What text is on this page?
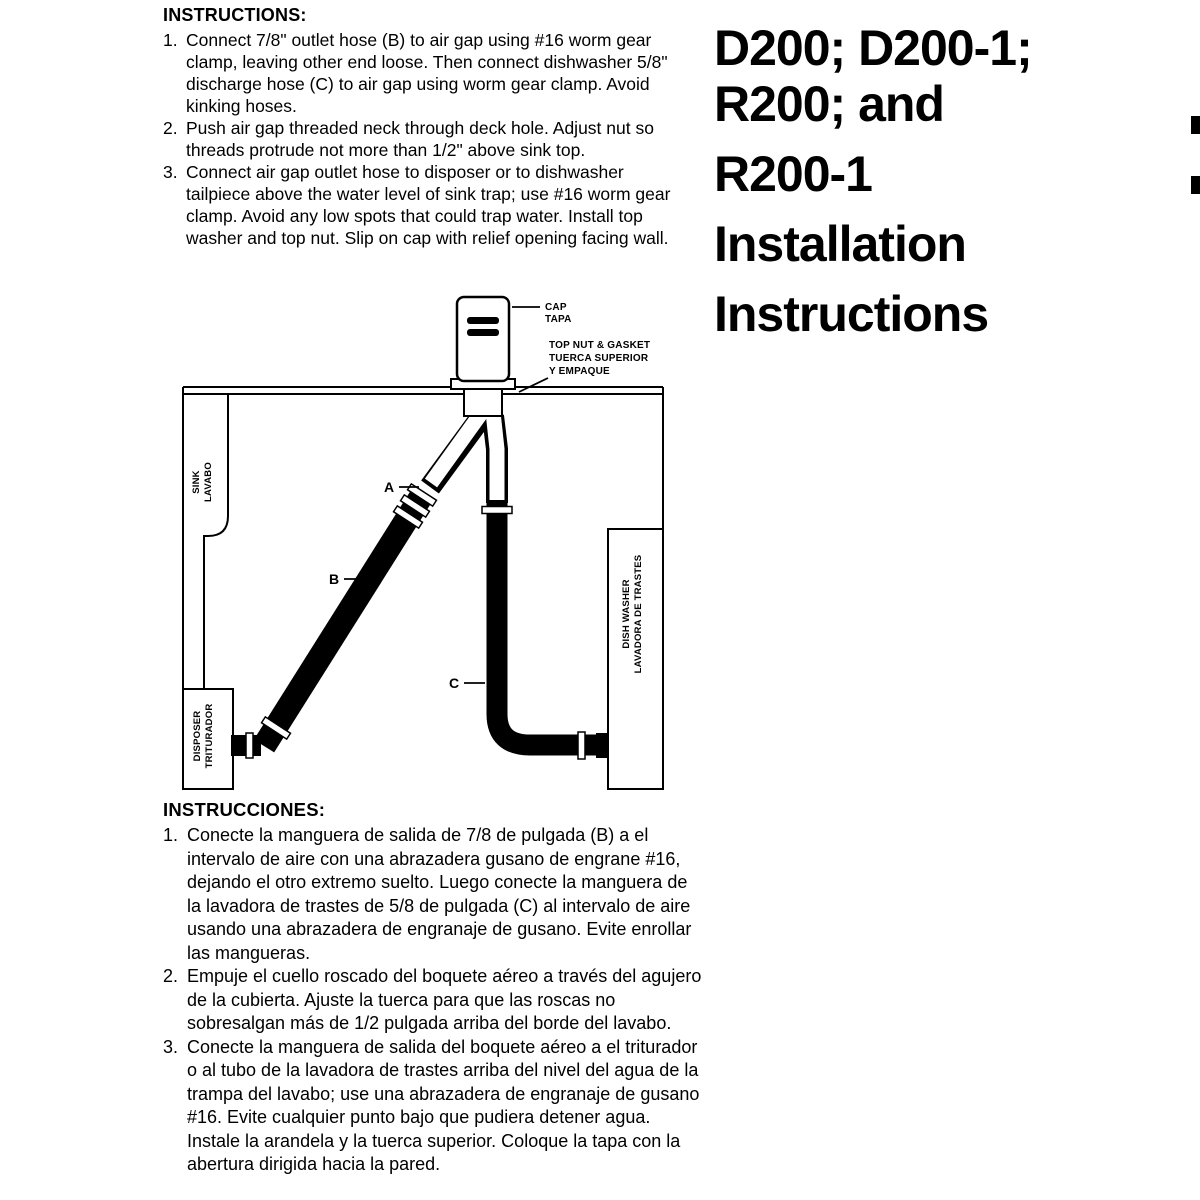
INSTRUCTIONS:
1. Connect 7/8" outlet hose (B) to air gap using #16 worm gear clamp, leaving other end loose. Then connect dishwasher 5/8" discharge hose (C) to air gap using worm gear clamp. Avoid kinking hoses.
2. Push air gap threaded neck through deck hole. Adjust nut so threads protrude not more than 1/2" above sink top.
3. Connect air gap outlet hose to disposer or to dishwasher tailpiece above the water level of sink trap; use #16 worm gear clamp. Avoid any low spots that could trap water. Install top washer and top nut. Slip on cap with relief opening facing wall.
D200; D200-1;
R200; and
R200-1
Installation
Instructions
SINK LAVABO
DISH WASHER LAVADORA DE TRASTES
DISPOSER TRITURADOR
CAP
TAPA
TOP NUT & GASKET
TUERCA SUPERIOR
Y EMPAQUE
A
B
C
INSTRUCCIONES:
1. Conecte la manguera de salida de 7/8 de pulgada (B) a el intervalo de aire con una abrazadera gusano de engrane #16, dejando el otro extremo suelto. Luego conecte la manguera de la lavadora de trastes de 5/8 de pulgada (C) al intervalo de aire usando una abrazadera de engranaje de gusano. Evite enrollar las mangueras.
2. Empuje el cuello roscado del boquete aéreo a través del agujero de la cubierta. Ajuste la tuerca para que las roscas no sobresalgan más de 1/2 pulgada arriba del borde del lavabo.
3. Conecte la manguera de salida del boquete aéreo a el triturador o al tubo de la lavadora de trastes arriba del nivel del agua de la trampa del lavabo; use una abrazadera de engranaje de gusano #16. Evite cualquier punto bajo que pudiera detener agua. Instale la arandela y la tuerca superior. Coloque la tapa con la abertura dirigida hacia la pared.
